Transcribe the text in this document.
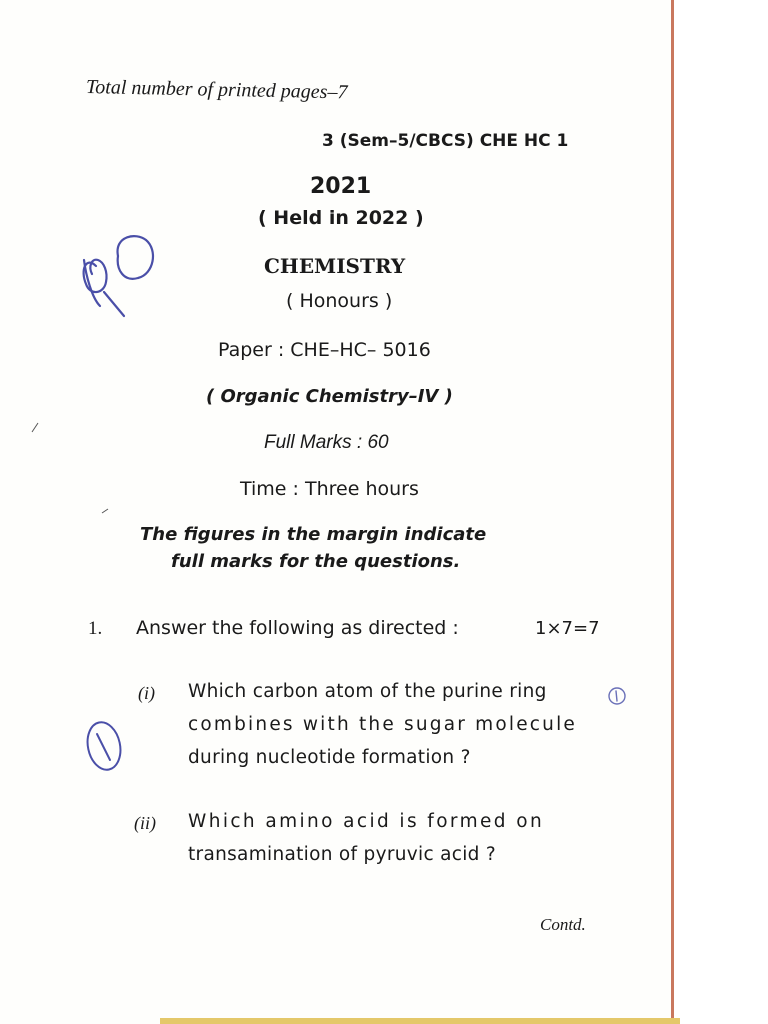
Total number of printed pages–7

3 (Sem–5/CBCS) CHE HC 1

2021

( Held in 2022 )

CHEMISTRY

( Honours )

Paper : CHE–HC– 5016

( Organic Chemistry–IV )

Full Marks : 60

Time : Three hours

The figures in the margin indicate

full marks for the questions.

1. Answer the following as directed :	1×7=7

(i) Which carbon atom of the purine ring

combines with the sugar molecule

during nucleotide formation ?

(ii) Which amino acid is formed on

transamination of pyruvic acid ?

Contd.
